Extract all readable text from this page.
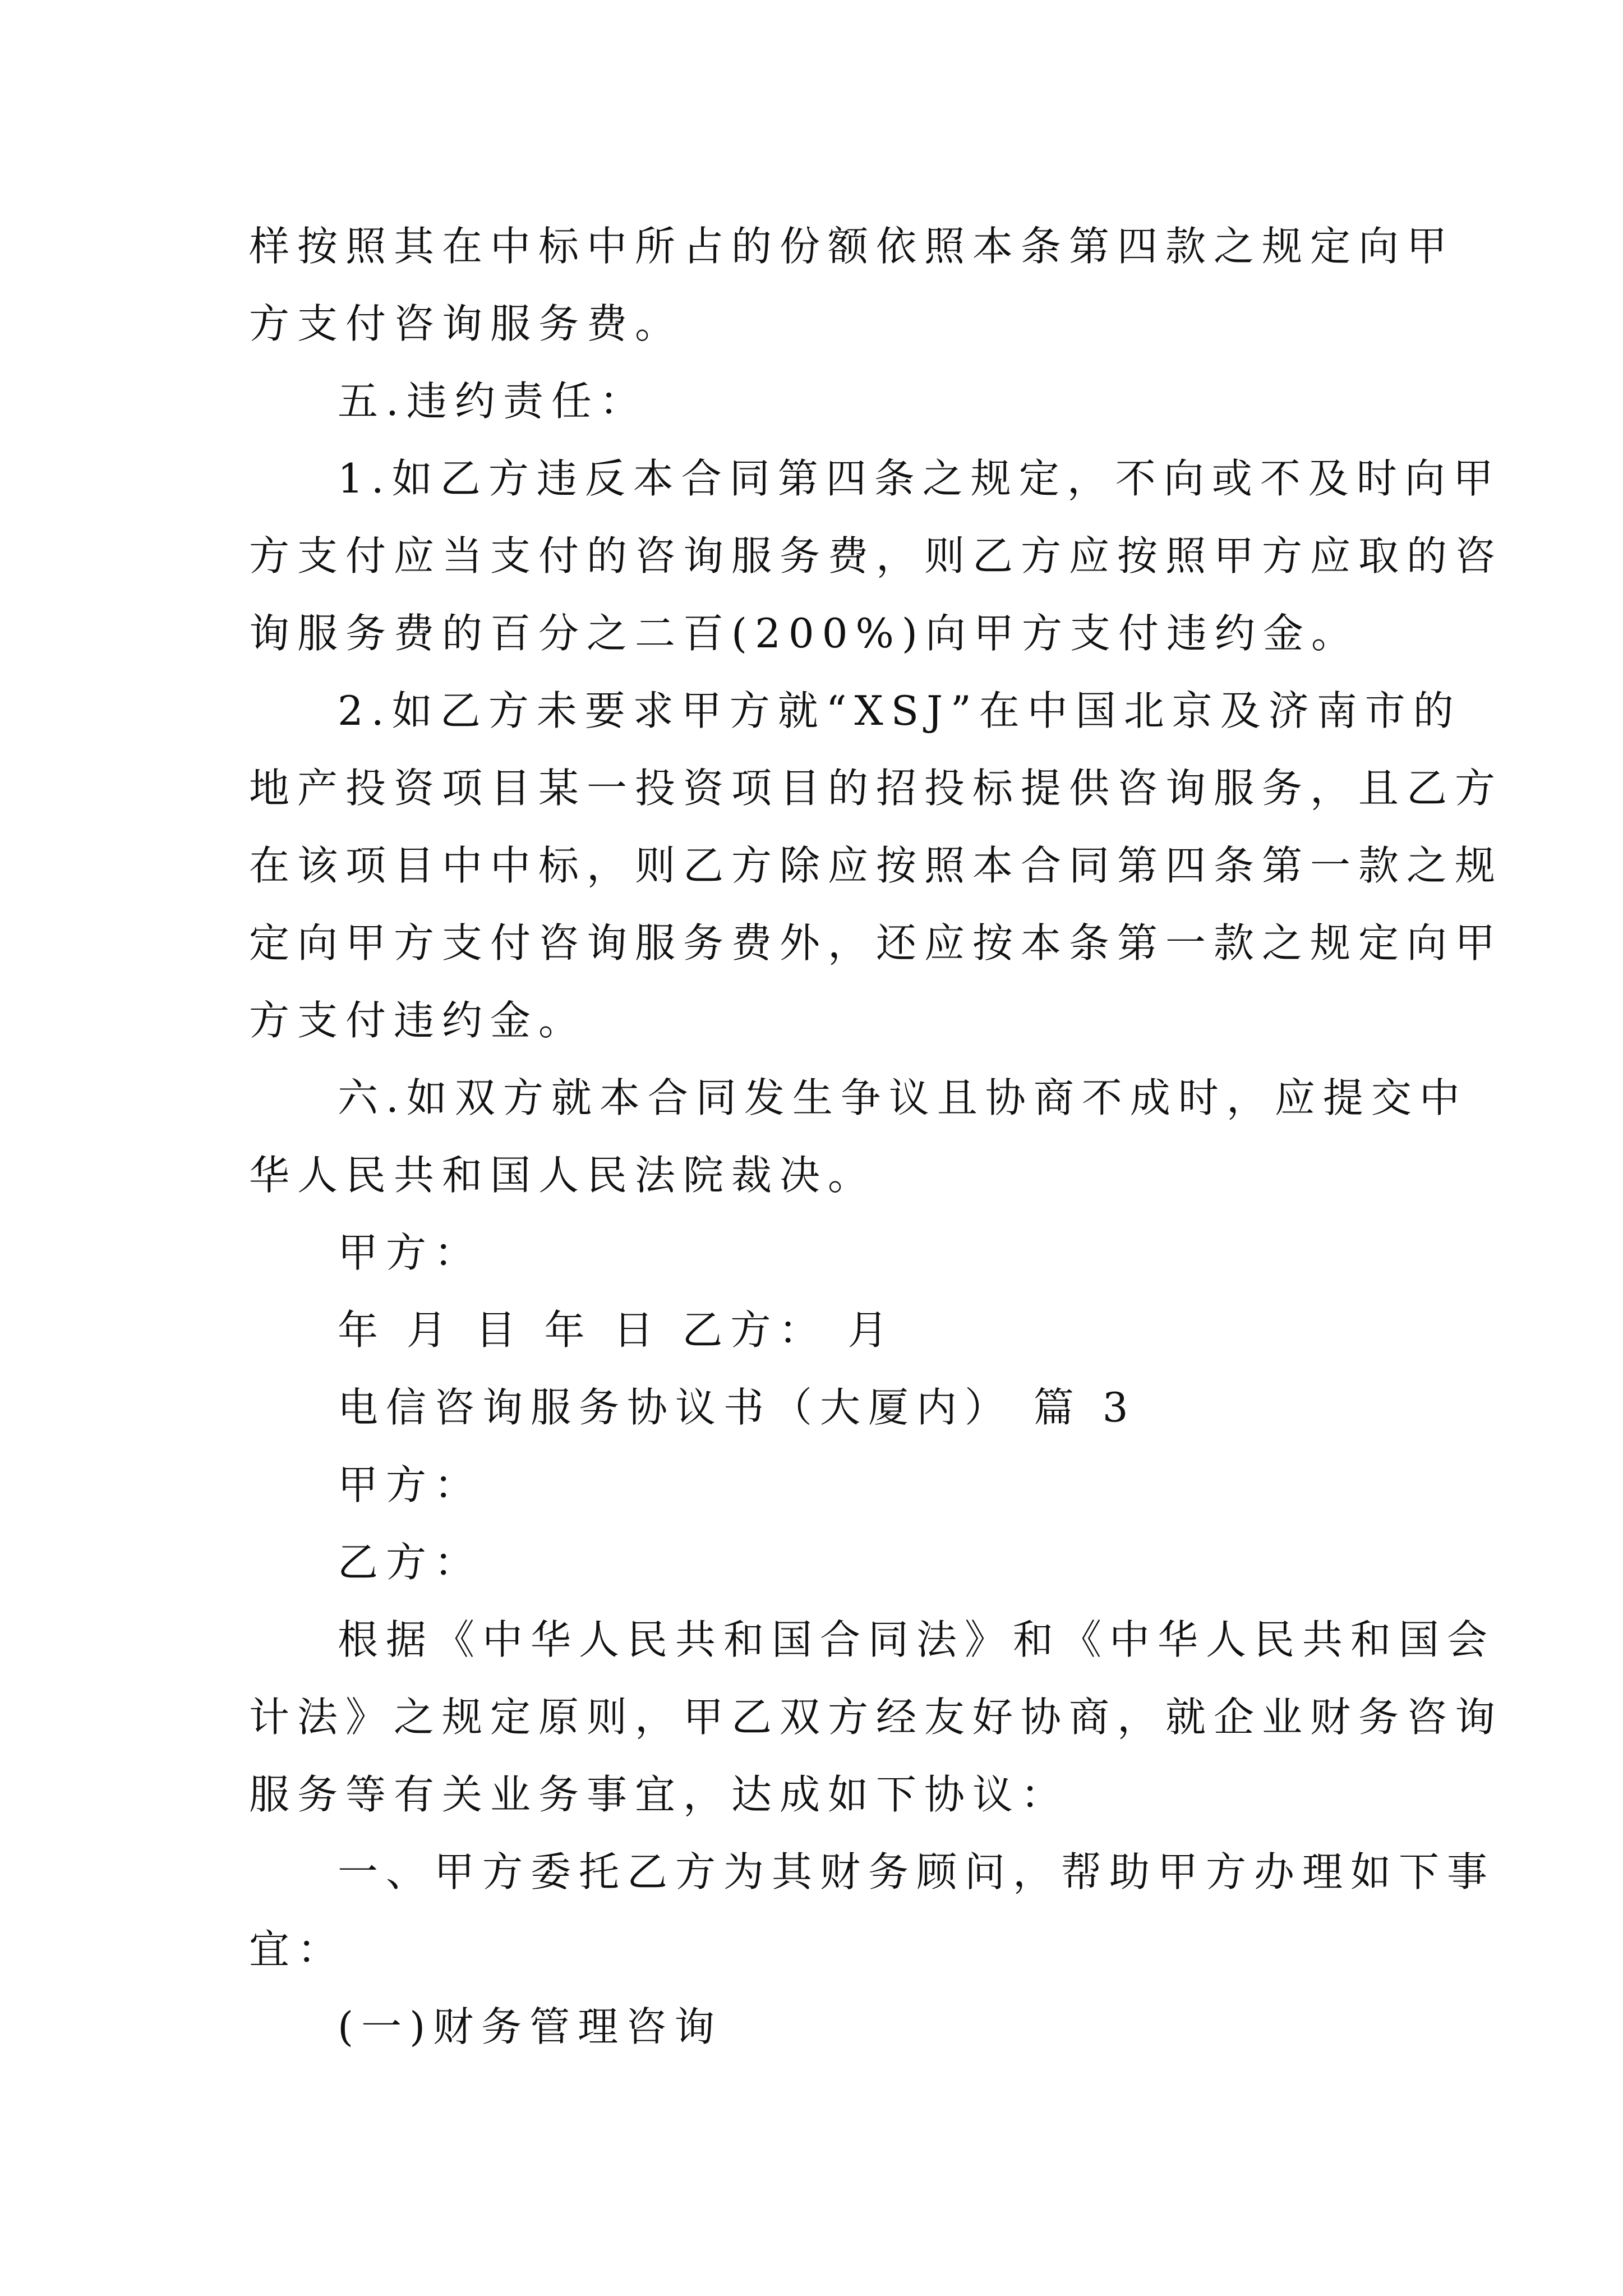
样按照其在中标中所占的份额依照本条第四款之规定向甲
方支付咨询服务费。
五.违约责任：
1.如乙方违反本合同第四条之规定，不向或不及时向甲
方支付应当支付的咨询服务费，则乙方应按照甲方应取的咨
询服务费的百分之二百(200%)向甲方支付违约金。
2.如乙方未要求甲方就“XSJ”在中国北京及济南市的
地产投资项目某一投资项目的招投标提供咨询服务，且乙方
在该项目中中标，则乙方除应按照本合同第四条第一款之规
定向甲方支付咨询服务费外，还应按本条第一款之规定向甲
方支付违约金。
六.如双方就本合同发生争议且协商不成时，应提交中
华人民共和国人民法院裁决。
甲方：
年 月 目 年 日 乙方： 月
电信咨询服务协议书（大厦内） 篇 3
甲方：
乙方：
根据《中华人民共和国合同法》和《中华人民共和国会
计法》之规定原则，甲乙双方经友好协商，就企业财务咨询
服务等有关业务事宜，达成如下协议：
一、甲方委托乙方为其财务顾问，帮助甲方办理如下事
宜：
(一)财务管理咨询
